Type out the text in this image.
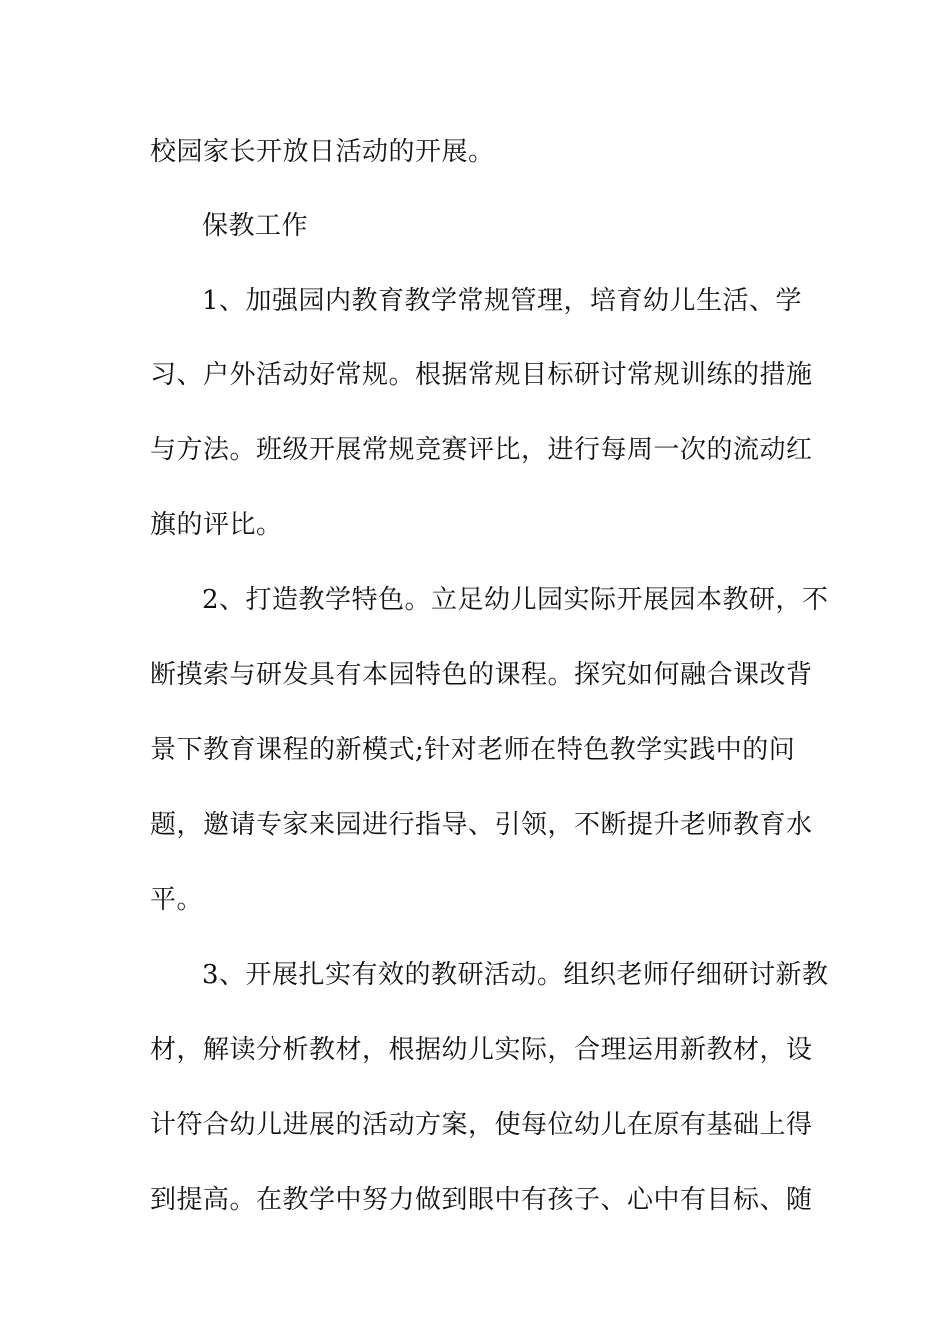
校园家长开放日活动的开展。
保教工作
1、加强园内教育教学常规管理，培育幼儿生活、学
习、户外活动好常规。根据常规目标研讨常规训练的措施
与方法。班级开展常规竞赛评比，进行每周一次的流动红
旗的评比。
2、打造教学特色。立足幼儿园实际开展园本教研，不
断摸索与研发具有本园特色的课程。探究如何融合课改背
景下教育课程的新模式;针对老师在特色教学实践中的问
题，邀请专家来园进行指导、引领，不断提升老师教育水
平。
3、开展扎实有效的教研活动。组织老师仔细研讨新教
材，解读分析教材，根据幼儿实际，合理运用新教材，设
计符合幼儿进展的活动方案，使每位幼儿在原有基础上得
到提高。在教学中努力做到眼中有孩子、心中有目标、随
